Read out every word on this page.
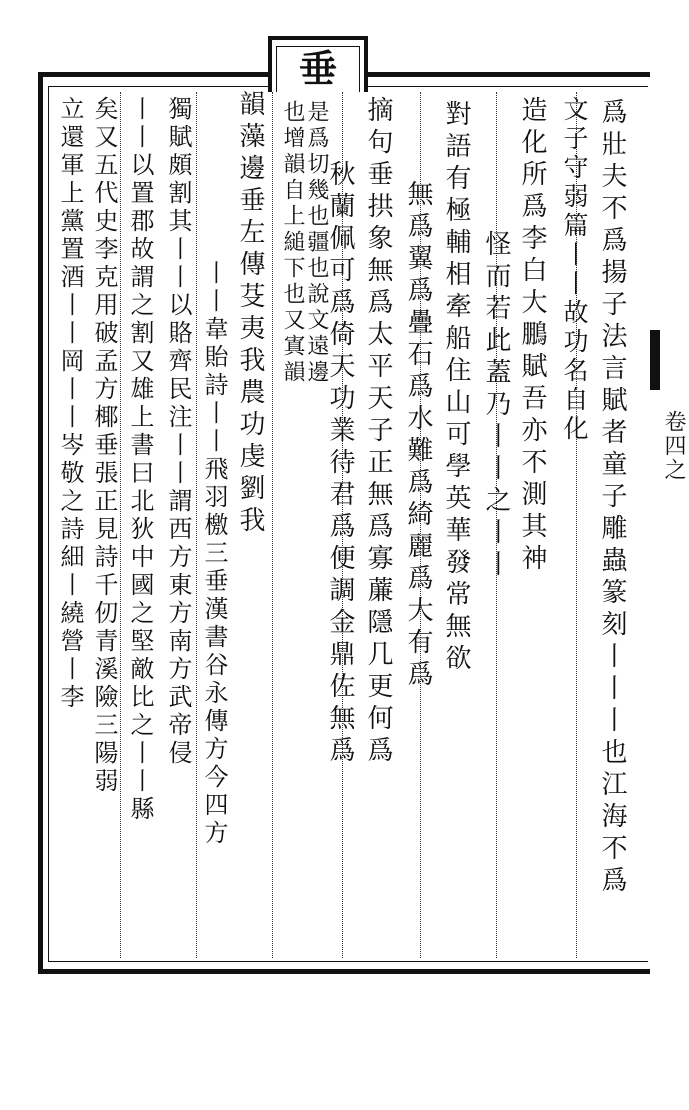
垂
卷四之
爲壯夫不爲揚子法言賦者童子雕蟲篆刻丨丨丨也江海不爲
文子守弱篇丨丨故功名自化
造化所爲李白大鵬賦吾亦不測其神
怪而若此蓋乃丨丨之丨丨
對語有極輔相牽船住山可學英華發常無欲
無爲翼爲疊石爲水難爲綺麗爲大有爲
摘句垂拱象無爲太平天子正無爲寡薕隱几更何爲
秋蘭佩可爲倚天功業待君爲便調金鼎佐無爲
是爲切幾也疆也說文遠邊
也增韻自上縋下也又寘韻
韻藻邊垂左傳芟夷我農功虔劉我
丨丨韋貽詩丨丨飛羽檄三垂漢書谷永傳方今四方
獨賦頗割其丨丨以賂齊民注丨丨謂西方東方南方武帝侵
丨丨以置郡故謂之割又雄上書曰北狄中國之堅敵比之丨丨縣
矣又五代史李克用破孟方椰垂張正見詩千仞青溪險三陽弱
立還軍上黨置酒丨丨岡丨丨岑敬之詩細丨繞營丨李
